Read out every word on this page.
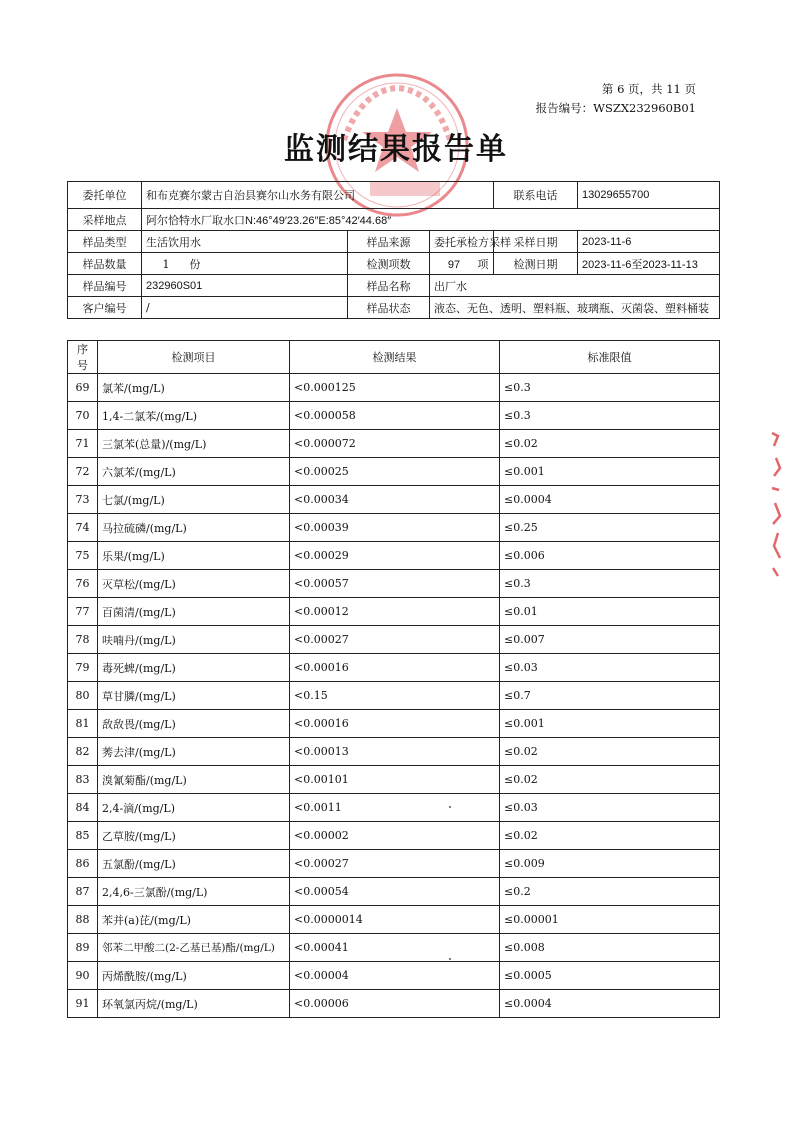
第 6 页，共 11 页
报告编号：WSZX232960B01
监测结果报告单
委托单位	和布克赛尔蒙古自治县赛尔山水务有限公司			联系电话	13029655700
采样地点	阿尔恰特水厂取水口N:46°49′23.26″E:85°42′44.68″				
样品类型	生活饮用水	样品来源	委托承检方采样	采样日期	2023-11-6
样品数量	1 份	检测项数	97 项	检测日期	2023-11-6至2023-11-13
样品编号	232960S01	样品名称	出厂水		
客户编号	/	样品状态	液态、无色、透明、塑料瓶、玻璃瓶、灭菌袋、塑料桶装		
序号	检测项目	检测结果	标准限值
69	氯苯/(mg/L)	<0.000125	≤0.3
70	1,4-二氯苯/(mg/L)	<0.000058	≤0.3
71	三氯苯(总量)/(mg/L)	<0.000072	≤0.02
72	六氯苯/(mg/L)	<0.00025	≤0.001
73	七氯/(mg/L)	<0.00034	≤0.0004
74	马拉硫磷/(mg/L)	<0.00039	≤0.25
75	乐果/(mg/L)	<0.00029	≤0.006
76	灭草松/(mg/L)	<0.00057	≤0.3
77	百菌清/(mg/L)	<0.00012	≤0.01
78	呋喃丹/(mg/L)	<0.00027	≤0.007
79	毒死蜱/(mg/L)	<0.00016	≤0.03
80	草甘膦/(mg/L)	<0.15	≤0.7
81	敌敌畏/(mg/L)	<0.00016	≤0.001
82	莠去津/(mg/L)	<0.00013	≤0.02
83	溴氰菊酯/(mg/L)	<0.00101	≤0.02
84	2,4-滴/(mg/L)	<0.0011	≤0.03
85	乙草胺/(mg/L)	<0.00002	≤0.02
86	五氯酚/(mg/L)	<0.00027	≤0.009
87	2,4,6-三氯酚/(mg/L)	<0.00054	≤0.2
88	苯并(a)芘/(mg/L)	<0.0000014	≤0.00001
89	邻苯二甲酸二(2-乙基已基)酯/(mg/L)	<0.00041	≤0.008
90	丙烯酰胺/(mg/L)	<0.00004	≤0.0005
91	环氧氯丙烷/(mg/L)	<0.00006	≤0.0004
